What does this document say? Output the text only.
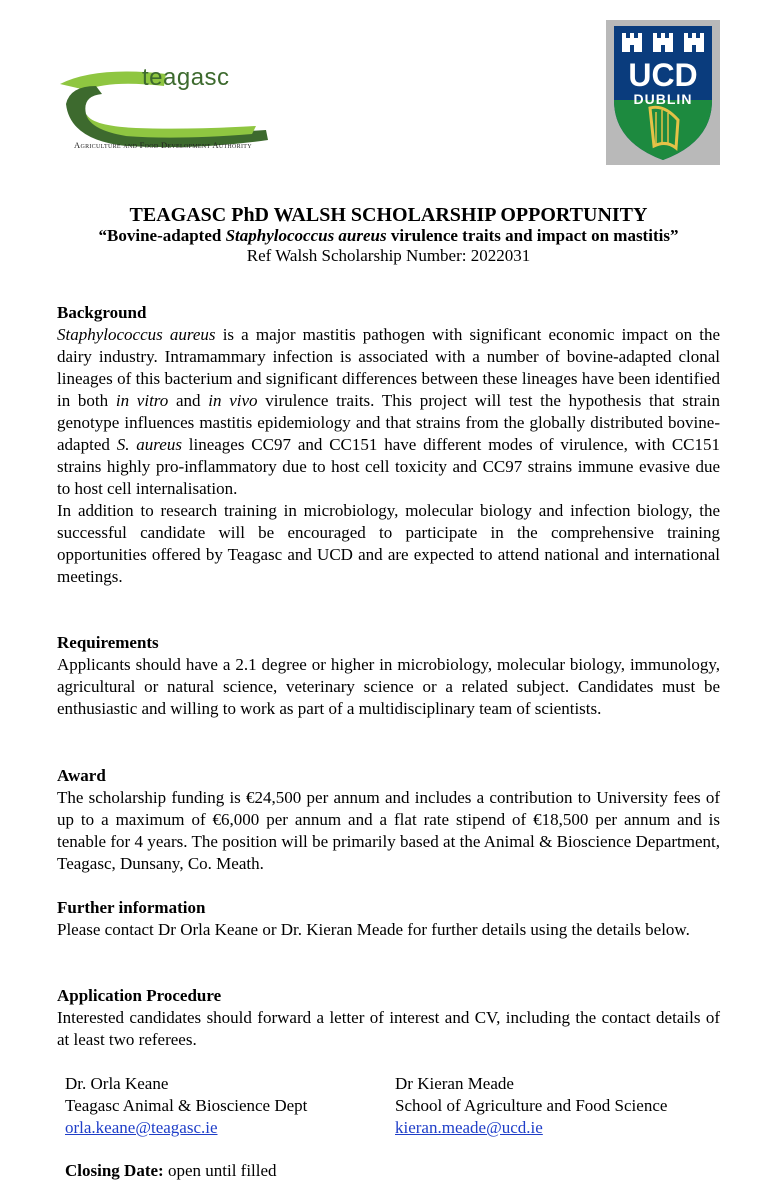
teagasc
Agriculture and Food Development Authority
UCD
DUBLIN
TEAGASC PhD WALSH SCHOLARSHIP OPPORTUNITY
“Bovine-adapted Staphylococcus aureus virulence traits and impact on mastitis”
Ref Walsh Scholarship Number: 2022031
Background

Staphylococcus aureus is a major mastitis pathogen with significant economic impact on the dairy industry. Intramammary infection is associated with a number of bovine-adapted clonal lineages of this bacterium and significant differences between these lineages have been identified in both in vitro and in vivo virulence traits. This project will test the hypothesis that strain genotype influences mastitis epidemiology and that strains from the globally distributed bovine-adapted S. aureus lineages CC97 and CC151 have different modes of virulence, with CC151 strains highly pro-inflammatory due to host cell toxicity and CC97 strains immune evasive due to host cell internalisation.

In addition to research training in microbiology, molecular biology and infection biology, the successful candidate will be encouraged to participate in the comprehensive training opportunities offered by Teagasc and UCD and are expected to attend national and international meetings.

Requirements

Applicants should have a 2.1 degree or higher in microbiology, molecular biology, immunology, agricultural or natural science, veterinary science or a related subject. Candidates must be enthusiastic and willing to work as part of a multidisciplinary team of scientists.

Award

The scholarship funding is €24,500 per annum and includes a contribution to University fees of up to a maximum of €6,000 per annum and a flat rate stipend of €18,500 per annum and is tenable for 4 years. The position will be primarily based at the Animal & Bioscience Department, Teagasc, Dunsany, Co. Meath.

Further information

Please contact Dr Orla Keane or Dr. Kieran Meade for further details using the details below.

Application Procedure

Interested candidates should forward a letter of interest and CV, including the contact details of at least two referees.

Dr. Orla Keane
Teagasc Animal & Bioscience Dept
orla.keane@teagasc.ie
Dr Kieran Meade
School of Agriculture and Food Science
kieran.meade@ucd.ie
Closing Date: open until filled
